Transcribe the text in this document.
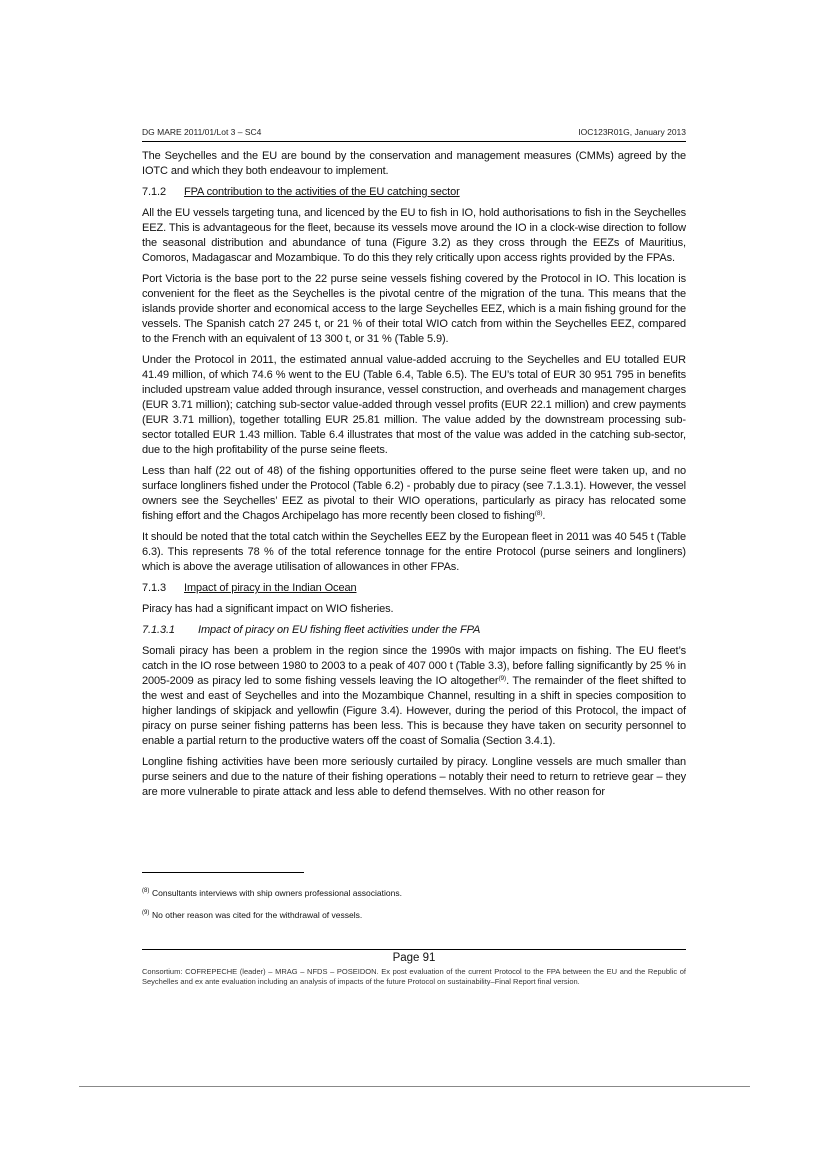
DG MARE 2011/01/Lot 3 – SC4	IOC123R01G, January 2013

The Seychelles and the EU are bound by the conservation and management measures (CMMs) agreed by the IOTC and which they both endeavour to implement.

7.1.2	FPA contribution to the activities of the EU catching sector

All the EU vessels targeting tuna, and licenced by the EU to fish in IO, hold authorisations to fish in the Seychelles EEZ. This is advantageous for the fleet, because its vessels move around the IO in a clock-wise direction to follow the seasonal distribution and abundance of tuna (Figure 3.2) as they cross through the EEZs of Mauritius, Comoros, Madagascar and Mozambique. To do this they rely critically upon access rights provided by the FPAs.

Port Victoria is the base port to the 22 purse seine vessels fishing covered by the Protocol in IO. This location is convenient for the fleet as the Seychelles is the pivotal centre of the migration of the tuna. This means that the islands provide shorter and economical access to the large Seychelles EEZ, which is a main fishing ground for the vessels. The Spanish catch 27 245 t, or 21 % of their total WIO catch from within the Seychelles EEZ, compared to the French with an equivalent of 13 300 t, or 31 % (Table 5.9).

Under the Protocol in 2011, the estimated annual value-added accruing to the Seychelles and EU totalled EUR 41.49 million, of which 74.6 % went to the EU (Table 6.4, Table 6.5). The EU’s total of EUR 30 951 795 in benefits included upstream value added through insurance, vessel construction, and overheads and management charges (EUR 3.71 million); catching sub-sector value-added through vessel profits (EUR 22.1 million) and crew payments (EUR 3.71 million), together totalling EUR 25.81 million. The value added by the downstream processing sub-sector totalled EUR 1.43 million. Table 6.4 illustrates that most of the value was added in the catching sub-sector, due to the high profitability of the purse seine fleets.

Less than half (22 out of 48) of the fishing opportunities offered to the purse seine fleet were taken up, and no surface longliners fished under the Protocol (Table 6.2) - probably due to piracy (see 7.1.3.1). However, the vessel owners see the Seychelles’ EEZ as pivotal to their WIO operations, particularly as piracy has relocated some fishing effort and the Chagos Archipelago has more recently been closed to fishing$^{(8)}$.

It should be noted that the total catch within the Seychelles EEZ by the European fleet in 2011 was 40 545 t (Table 6.3). This represents 78 % of the total reference tonnage for the entire Protocol (purse seiners and longliners) which is above the average utilisation of allowances in other FPAs.

7.1.3	Impact of piracy in the Indian Ocean

Piracy has had a significant impact on WIO fisheries.

7.1.3.1	Impact of piracy on EU fishing fleet activities under the FPA

Somali piracy has been a problem in the region since the 1990s with major impacts on fishing. The EU fleet’s catch in the IO rose between 1980 to 2003 to a peak of 407 000 t (Table 3.3), before falling significantly by 25 % in 2005-2009 as piracy led to some fishing vessels leaving the IO altogether$^{(9)}$. The remainder of the fleet shifted to the west and east of Seychelles and into the Mozambique Channel, resulting in a shift in species composition to higher landings of skipjack and yellowfin (Figure 3.4). However, during the period of this Protocol, the impact of piracy on purse seiner fishing patterns has been less. This is because they have taken on security personnel to enable a partial return to the productive waters off the coast of Somalia (Section 3.4.1).

Longline fishing activities have been more seriously curtailed by piracy. Longline vessels are much smaller than purse seiners and due to the nature of their fishing operations – notably their need to return to retrieve gear – they are more vulnerable to pirate attack and less able to defend themselves. With no other reason for

(8) Consultants interviews with ship owners professional associations.
(9) No other reason was cited for the withdrawal of vessels.
Page 91
Consortium: COFREPECHE (leader) – MRAG – NFDS – POSEIDON. Ex post evaluation of the current Protocol to the FPA between the EU and the Republic of Seychelles and ex ante evaluation including an analysis of impacts of the future Protocol on sustainability–Final Report final version.
